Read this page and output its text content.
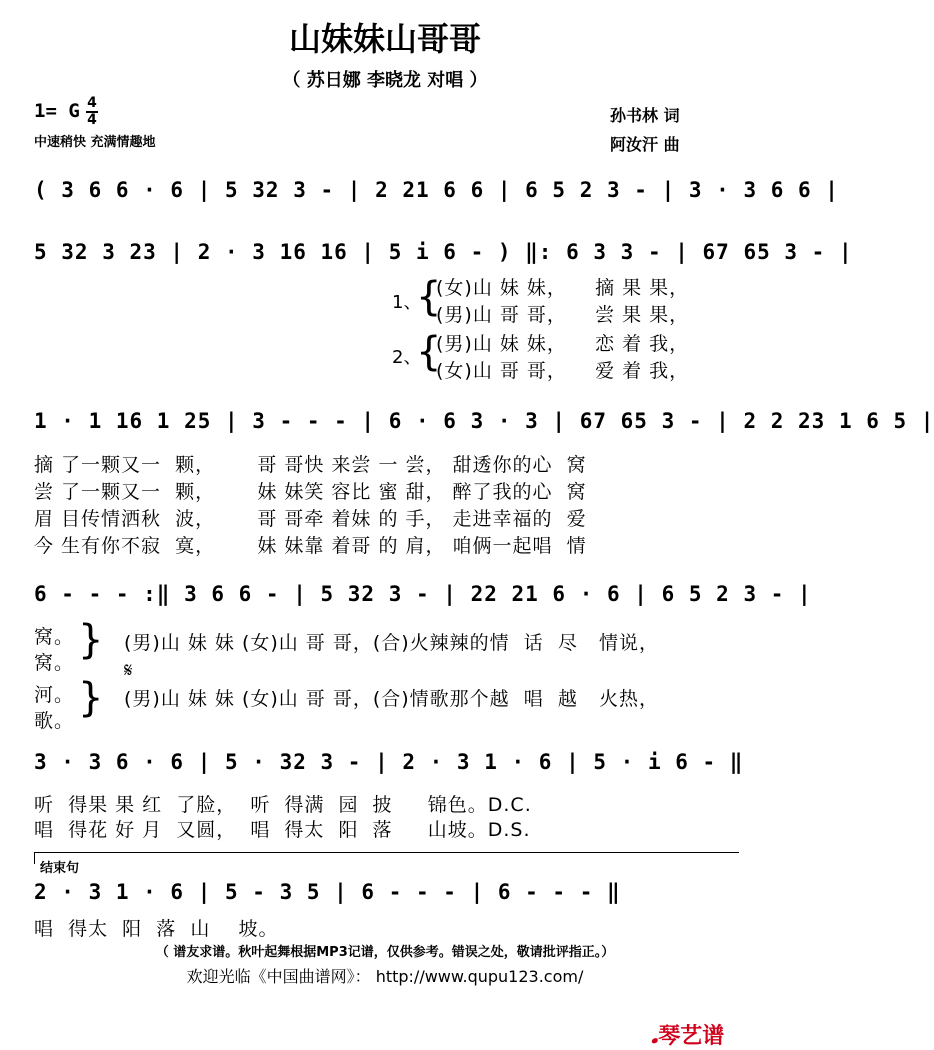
山妹妹山哥哥
（ 苏日娜 李晓龙 对唱 ）
1= G 4
4
中速稍快 充满情趣地
孙书林 词
阿汝汗 曲
( 3 6 6 · 6 | 5 32 3 - | 2 21 6 6 | 6 5 2 3 - | 3 · 3 6 6 |
5 32 3 23 | 2 · 3 16 16 | 5 i 6 - ) ‖: 6 3 3 - | 67 65 3 - |
1、
{
(女)山 妹 妹，    摘 果 果，
(男)山 哥 哥，    尝 果 果，
2、
{
(男)山 妹 妹，    恋 着 我，
(女)山 哥 哥，    爱 着 我，
1 · 1 16 1 25 | 3 - - - | 6 · 6 3 · 3 | 67 65 3 - | 2 2 23 1 6 5 |
摘 了一颗又一  颗，      哥 哥快 来尝 一 尝， 甜透你的心  窝
尝 了一颗又一  颗，      妹 妹笑 容比 蜜 甜， 醉了我的心  窝
眉 目传情洒秋  波，      哥 哥牵 着妹 的 手， 走进幸福的  爱
今 生有你不寂  寞，      妹 妹靠 着哥 的 肩， 咱俩一起唱  情
6 - - - :‖ 3 6 6 - | 5 32 3 - | 22 21 6 · 6 | 6 5 2 3 - |
窝。
窝。
河。
歌。
}
}
(男)山 妹 妹 (女)山 哥 哥，(合)火辣辣的情  话  尽   情说，
𝄋
(男)山 妹 妹 (女)山 哥 哥，(合)情歌那个越  唱  越   火热，
3 · 3 6 · 6 | 5 · 32 3 - | 2 · 3 1 · 6 | 5 · i 6 - ‖
听  得果 果 红  了脸，  听  得满  园  披     锦色。D.C.
唱  得花 好 月  又圆，  唱  得太  阳  落     山坡。D.S.
结束句
2 · 3 1 · 6 | 5 - 3 5 | 6 - - - | 6 - - - ‖
唱  得太  阳  落  山    坡。
（ 谱友求谱。秋叶起舞根据MP3记谱，仅供参考。错误之处，敬请批评指正。）
欢迎光临《中国曲谱网》： http://www.qupu123.com/

𝅘琴艺谱
